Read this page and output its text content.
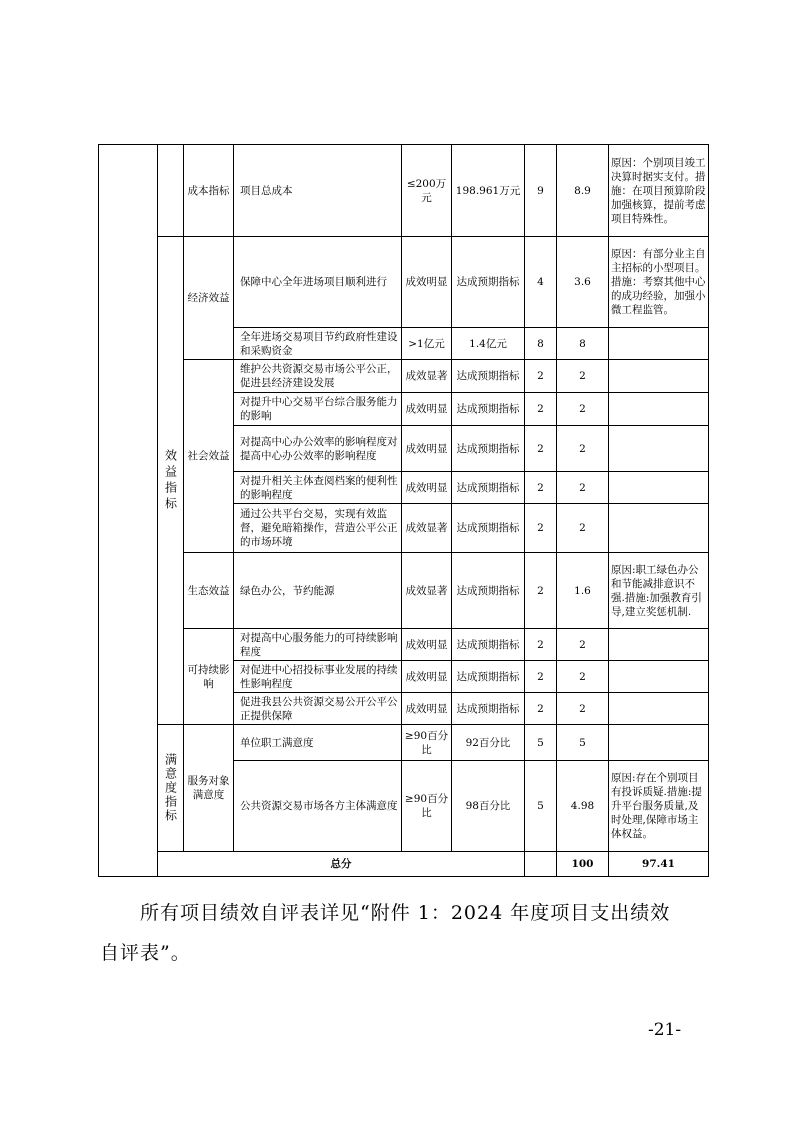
		成本指标	项目总成本	≤200万元	198.961万元	9	8.9	原因：个别项目竣工决算时据实支付。措施：在项目预算阶段加强核算，提前考虑项目特殊性。	
	效益指标	经济效益	保障中心全年进场项目顺利进行	成效明显	达成预期指标	4	3.6	原因：有部分业主自主招标的小型项目。措施：考察其他中心的成功经验，加强小微工程监管。	
			全年进场交易项目节约政府性建设和采购资金	>1亿元	1.4亿元	8	8		
		社会效益	维护公共资源交易市场公平公正，促进县经济建设发展	成效显著	达成预期指标	2	2		
			对提升中心交易平台综合服务能力的影响	成效明显	达成预期指标	2	2		
			对提高中心办公效率的影响程度对提高中心办公效率的影响程度	成效明显	达成预期指标	2	2		
			对提升相关主体查阅档案的便利性的影响程度	成效明显	达成预期指标	2	2		
			通过公共平台交易，实现有效监督，避免暗箱操作，营造公平公正的市场环境	成效显著	达成预期指标	2	2		
		生态效益	绿色办公，节约能源	成效显著	达成预期指标	2	1.6	原因:职工绿色办公和节能减排意识不强.措施:加强教育引导,建立奖惩机制.	
		可持续影响	对提高中心服务能力的可持续影响程度	成效明显	达成预期指标	2	2		
			对促进中心招投标事业发展的持续性影响程度	成效明显	达成预期指标	2	2		
			促进我县公共资源交易公开公平公正提供保障	成效明显	达成预期指标	2	2		
	满意度指标	服务对象满意度	单位职工满意度	≥90百分比	92百分比	5	5		
			公共资源交易市场各方主体满意度	≥90百分比	98百分比	5	4.98	原因:存在个别项目有投诉质疑.措施:提升平台服务质量,及时处理,保障市场主体权益。	
	总分						100	97.41	
所有项目绩效自评表详见“附件 1：2024 年度项目支出绩效
自评表”。
-21-
